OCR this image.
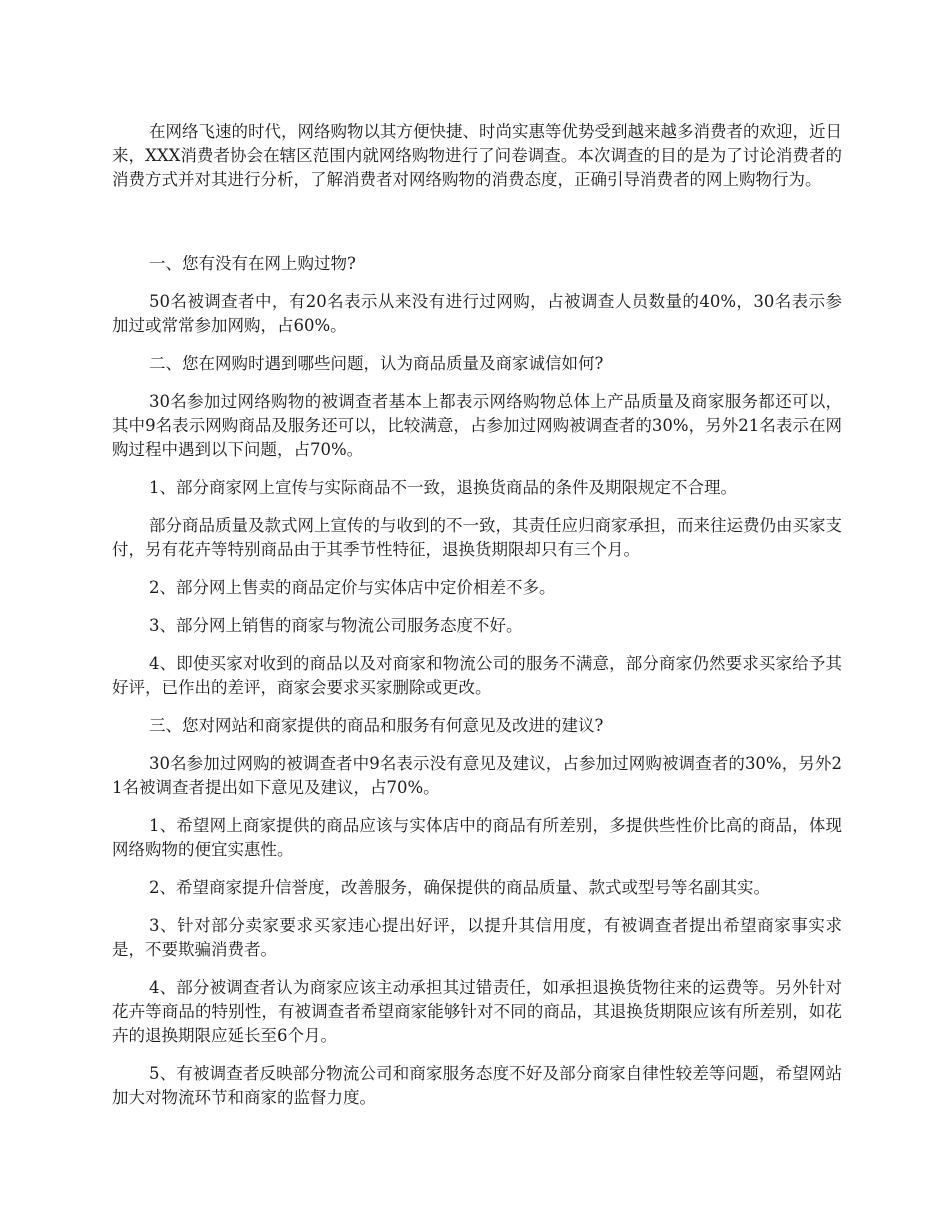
在网络飞速的时代，网络购物以其方便快捷、时尚实惠等优势受到越来越多消费者的欢迎，近日来，XXX消费者协会在辖区范围内就网络购物进行了问卷调查。本次调查的目的是为了讨论消费者的消费方式并对其进行分析，了解消费者对网络购物的消费态度，正确引导消费者的网上购物行为。

一、您有没有在网上购过物?

50名被调查者中，有20名表示从来没有进行过网购，占被调查人员数量的40%，30名表示参加过或常常参加网购，占60%。

二、您在网购时遇到哪些问题，认为商品质量及商家诚信如何?

30名参加过网络购物的被调查者基本上都表示网络购物总体上产品质量及商家服务都还可以，其中9名表示网购商品及服务还可以，比较满意，占参加过网购被调查者的30%，另外21名表示在网购过程中遇到以下问题，占70%。

1、部分商家网上宣传与实际商品不一致，退换货商品的条件及期限规定不合理。

部分商品质量及款式网上宣传的与收到的不一致，其责任应归商家承担，而来往运费仍由买家支付，另有花卉等特别商品由于其季节性特征，退换货期限却只有三个月。

2、部分网上售卖的商品定价与实体店中定价相差不多。

3、部分网上销售的商家与物流公司服务态度不好。

4、即使买家对收到的商品以及对商家和物流公司的服务不满意，部分商家仍然要求买家给予其好评，已作出的差评，商家会要求买家删除或更改。

三、您对网站和商家提供的商品和服务有何意见及改进的建议?

30名参加过网购的被调查者中9名表示没有意见及建议，占参加过网购被调查者的30%，另外21名被调查者提出如下意见及建议，占70%。

1、希望网上商家提供的商品应该与实体店中的商品有所差别，多提供些性价比高的商品，体现网络购物的便宜实惠性。

2、希望商家提升信誉度，改善服务，确保提供的商品质量、款式或型号等名副其实。

3、针对部分卖家要求买家违心提出好评，以提升其信用度，有被调查者提出希望商家事实求是，不要欺骗消费者。

4、部分被调查者认为商家应该主动承担其过错责任，如承担退换货物往来的运费等。另外针对花卉等商品的特别性，有被调查者希望商家能够针对不同的商品，其退换货期限应该有所差别，如花卉的退换期限应延长至6个月。

5、有被调查者反映部分物流公司和商家服务态度不好及部分商家自律性较差等问题，希望网站加大对物流环节和商家的监督力度。
